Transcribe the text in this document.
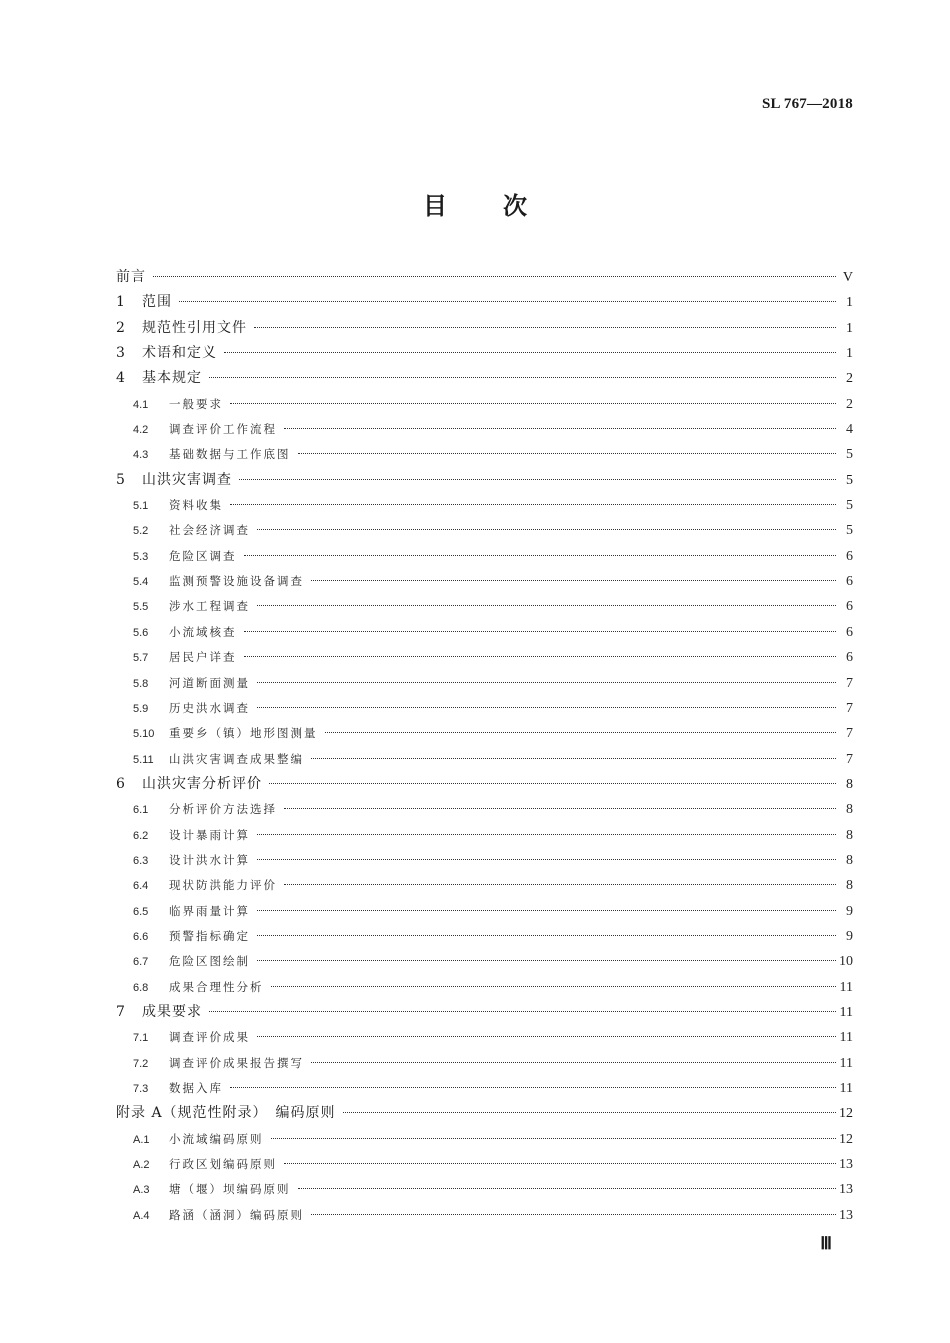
SL 767—2018
目次
前言	V
1	范围	1
2	规范性引用文件	1
3	术语和定义	1
4	基本规定	2
4.1	一般要求	2
4.2	调查评价工作流程	4
4.3	基础数据与工作底图	5
5	山洪灾害调查	5
5.1	资料收集	5
5.2	社会经济调查	5
5.3	危险区调查	6
5.4	监测预警设施设备调查	6
5.5	涉水工程调查	6
5.6	小流域核查	6
5.7	居民户详查	6
5.8	河道断面测量	7
5.9	历史洪水调查	7
5.10	重要乡（镇）地形图测量	7
5.11	山洪灾害调查成果整编	7
6	山洪灾害分析评价	8
6.1	分析评价方法选择	8
6.2	设计暴雨计算	8
6.3	设计洪水计算	8
6.4	现状防洪能力评价	8
6.5	临界雨量计算	9
6.6	预警指标确定	9
6.7	危险区图绘制	10
6.8	成果合理性分析	11
7	成果要求	11
7.1	调查评价成果	11
7.2	调查评价成果报告撰写	11
7.3	数据入库	11
附录 A（规范性附录）　编码原则	12
A.1	小流域编码原则	12
A.2	行政区划编码原则	13
A.3	塘（堰）坝编码原则	13
A.4	路涵（涵洞）编码原则	13
Ⅲ
